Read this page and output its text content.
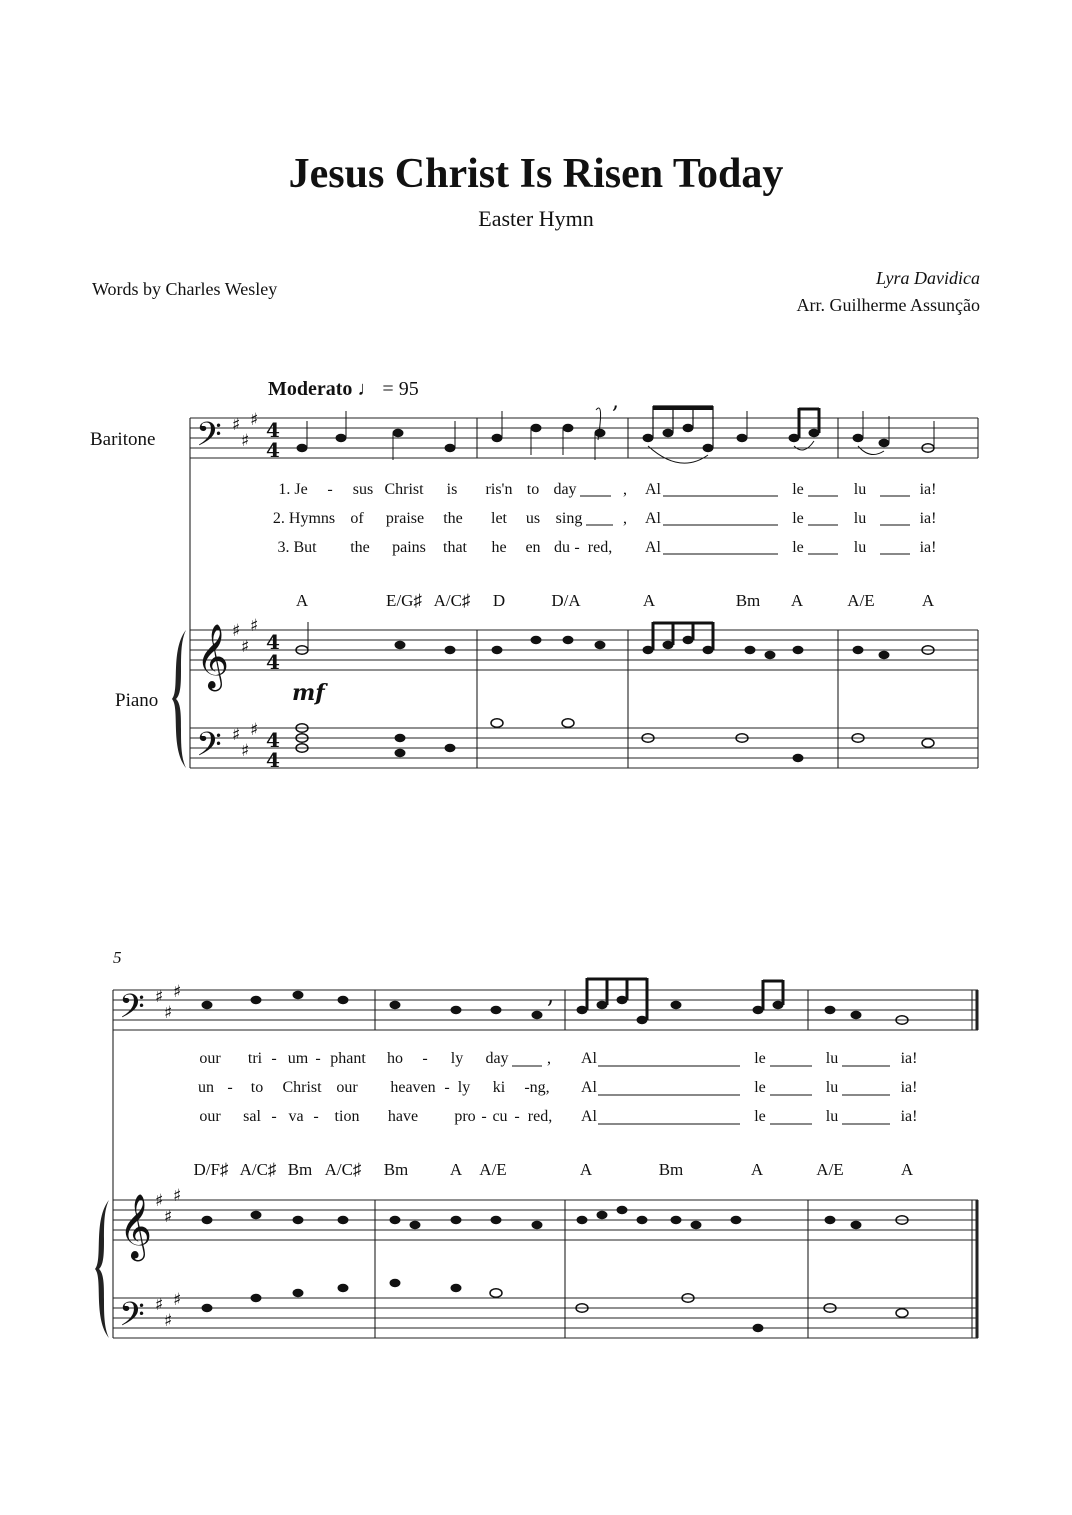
Jesus Christ Is Risen Today
Easter Hymn
Words by Charles Wesley
Lyra Davidica
Arr. Guilherme Assunção
Moderato ♩ = 95
Baritone
Piano
5
𝄢
𝄞
𝄢
𝄢
𝄞
𝄢
♯
♯
♯
♯
♯
♯
♯
♯
♯
♯
♯
♯
♯
♯
♯
♯
♯
♯
4
4
4
4
4
4
,
,
mf
A	E/G♯ A/C♯ D	D/A	A	Bm A	A/E	A
1. Je - sus Christ is ris'n to day	, Al	le	lu	ia!
2. Hymns of praise the let us sing	, Al	le	lu	ia!
3. But the pains that he en du - red, Al	le	lu	ia!
D/F♯ A/C♯ Bm A/C♯ Bm A A/E	A	Bm	A	A/E	A
our tri - um - phant ho - ly day , Al	le	lu	ia!
un - to Christ our heaven - ly ki -ng, Al	le	lu	ia!
our sal - va - tion have pro - cu - red, Al	le	lu	ia!
